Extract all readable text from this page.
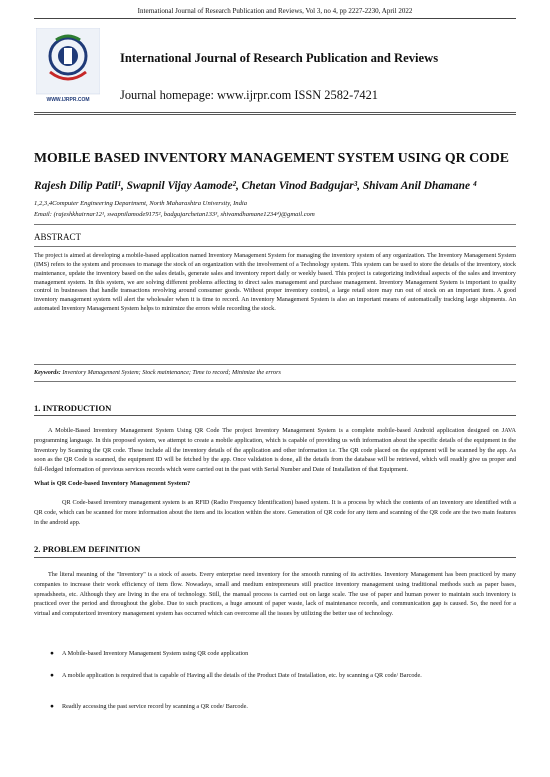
International Journal of Research Publication and Reviews, Vol 3, no 4, pp 2227-2230, April 2022
WWW.IJRPR.COM
International Journal of Research Publication and Reviews
Journal homepage: www.ijrpr.com ISSN 2582-7421
MOBILE BASED INVENTORY MANAGEMENT SYSTEM USING QR CODE
Rajesh Dilip Patil¹, Swapnil Vijay Aamode², Chetan Vinod Badgujar³, Shivam Anil Dhamane ⁴
1,2,3,4Computer Engineering Department, North Maharashtra University, India
Email: (rajeshkhairnar12¹, swapnilamode9175², badgujarchetan133³, shivamdhamane1234⁴)@gmail.com
ABSTRACT
The project is aimed at developing a mobile-based application named Inventory Management System for managing the inventory system of any organization. The Inventory Management System (IMS) refers to the system and processes to manage the stock of an organization with the involvement of a Technology system. This system can be used to store the details of the inventory, stock maintenance, update the inventory based on the sales details, generate sales and inventory report daily or weekly based. This project is categorizing individual aspects of the sales and inventory management system. In this system, we are solving different problems affecting to direct sales management and purchase management. Inventory Management System is important to quality control in businesses that handle transactions revolving around consumer goods. Without proper inventory control, a large retail store may run out of stock on an important item. A good inventory management system will alert the wholesaler when it is time to record. An inventory Management System is also an important means of automatically tracking large shipments. An automated Inventory Management System helps to minimize the errors while recording the stock.
Keywords: Inventory Management System; Stock maintenance; Time to record; Minimize the errors
1. INTRODUCTION
A Mobile-Based Inventory Management System Using QR Code The project Inventory Management System is a complete mobile-based Android application designed on JAVA programming language. In this proposed system, we attempt to create a mobile application, which is capable of providing us with information about the specific details of the equipment in the Inventory by Scanning the QR code. These include all the inventory details of the application and other information i.e. The QR code placed on the equipment will be scanned by the app. As soon as the QR Code is scanned, the equipment ID will be fetched by the app. Once validation is done, all the details from the database will be retrieved, which will readily give us proper and full-fledged information of previous services records which were carried out in the past with Serial Number and Date of Installation of that Equipment.
What is QR Code-based Inventory Management System?
QR Code-based inventory management system is an RFID (Radio Frequency Identification) based system. It is a process by which the contents of an inventory are identified with a QR code, which can be scanned for more information about the item and its location within the store. Generation of QR code for any item and scanning of the QR code are the two main features in the android app.
2. PROBLEM DEFINITION
The literal meaning of the "Inventory" is a stock of assets. Every enterprise need inventory for the smooth running of its activities. Inventory Management has been practiced by many companies to increase their work efficiency of item flow. Nowadays, small and medium entrepreneurs still practice inventory management using traditional methods such as paper bases, spreadsheets, etc. Although they are living in the era of technology. Still, the manual process is carried out on large scale. The use of paper and human power to maintain such inventory is practiced over the period and throughout the globe. Due to such practices, a huge amount of paper waste, lack of maintenance records, and communication gap is caused. So, the need for a virtual and computerized inventory management system has occurred which can overcome all the issues by utilizing the better use of technology.
● A Mobile-based Inventory Management System using QR code application
● A mobile application is required that is capable of Having all the details of the Product Date of Installation, etc. by scanning a QR code/ Barcode.
● Readily accessing the past service record by scanning a QR code/ Barcode.
